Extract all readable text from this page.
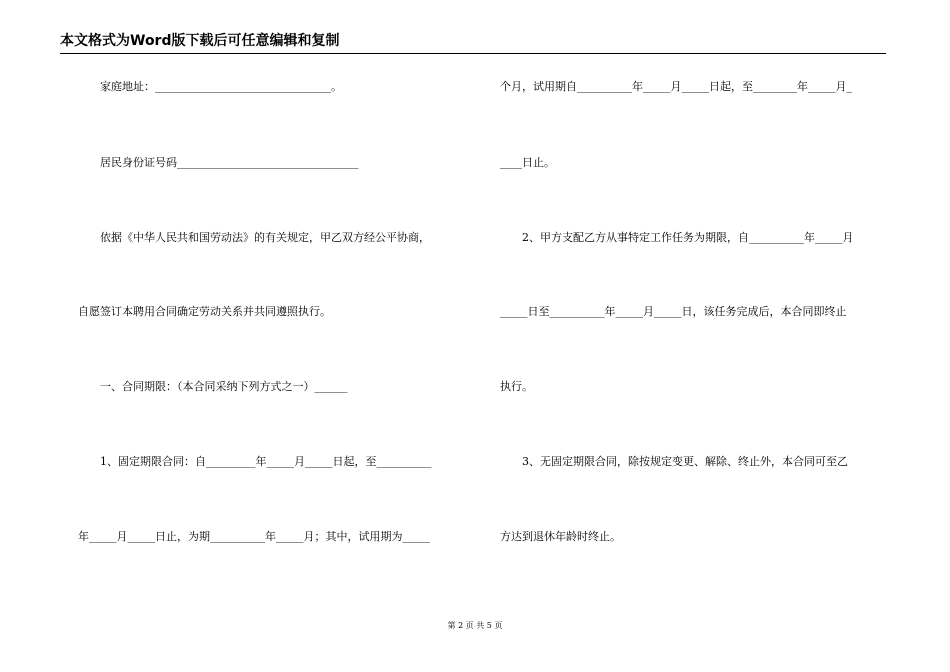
本文格式为Word版下载后可任意编辑和复制
家庭地址：________________________________。
居民身份证号码_________________________________
依据《中华人民共和国劳动法》的有关规定，甲乙双方经公平协商，
自愿签订本聘用合同确定劳动关系并共同遵照执行。
一、合同期限：（本合同采纳下列方式之一）______
1、固定期限合同：自_________年_____月_____日起，至__________
年_____月_____日止，为期__________年_____月；其中，试用期为_____
个月，试用期自__________年_____月_____日起，至________年_____月_
____日止。
2、甲方支配乙方从事特定工作任务为期限，自__________年_____月
_____日至__________年_____月_____日，该任务完成后，本合同即终止
执行。
3、无固定期限合同，除按规定变更、解除、终止外，本合同可至乙
方达到退休年龄时终止。
第 2 页 共 5 页
